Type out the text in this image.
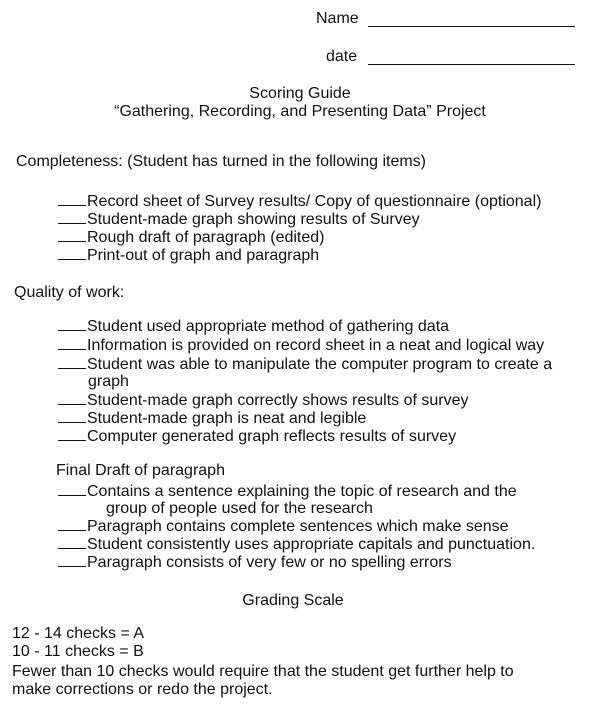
Name
date
Scoring Guide
“Gathering, Recording, and Presenting Data” Project
Completeness: (Student has turned in the following items)
Record sheet of Survey results/ Copy of questionnaire (optional)
Student-made graph showing results of Survey
Rough draft of paragraph (edited)
Print-out of graph and paragraph
Quality of work:
Student used appropriate method of gathering data
Information is provided on record sheet in a neat and logical way
Student was able to manipulate the computer program to create a
graph
Student-made graph correctly shows results of survey
Student-made graph is neat and legible
Computer generated graph reflects results of survey
Final Draft of paragraph
Contains a sentence explaining the topic of research and the
group of people used for the research
Paragraph contains complete sentences which make sense
Student consistently uses appropriate capitals and punctuation.
Paragraph consists of very few or no spelling errors
Grading Scale
12 - 14 checks = A
10 - 11 checks = B
Fewer than 10 checks would require that the student get further help to
make corrections or redo the project.
